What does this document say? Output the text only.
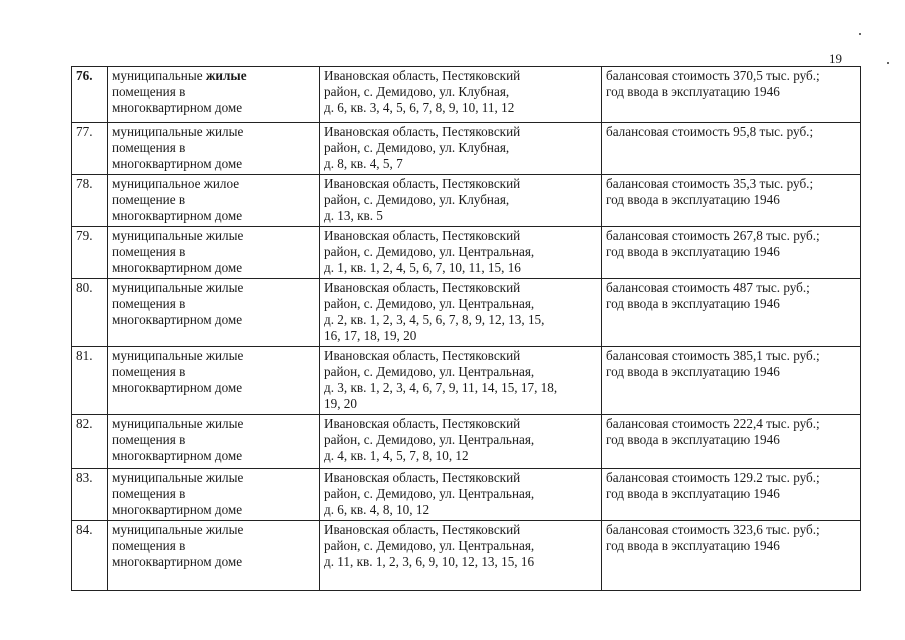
19
76.	муниципальные жилые
помещения в
многоквартирном доме	Ивановская область, Пестяковский
район, с. Демидово, ул. Клубная,
д. 6, кв. 3, 4, 5, 6, 7, 8, 9, 10, 11, 12	балансовая стоимость 370,5 тыс. руб.;
год ввода в эксплуатацию 1946
77.	муниципальные жилые
помещения в
многоквартирном доме	Ивановская область, Пестяковский
район, с. Демидово, ул. Клубная,
д. 8, кв. 4, 5, 7	балансовая стоимость 95,8 тыс. руб.;
78.	муниципальное жилое
помещение в
многоквартирном доме	Ивановская область, Пестяковский
район, с. Демидово, ул. Клубная,
д. 13, кв. 5	балансовая стоимость 35,3 тыс. руб.;
год ввода в эксплуатацию 1946
79.	муниципальные жилые
помещения в
многоквартирном доме	Ивановская область, Пестяковский
район, с. Демидово, ул. Центральная,
д. 1, кв. 1, 2, 4, 5, 6, 7, 10, 11, 15, 16	балансовая стоимость 267,8 тыс. руб.;
год ввода в эксплуатацию 1946
80.	муниципальные жилые
помещения в
многоквартирном доме	Ивановская область, Пестяковский
район, с. Демидово, ул. Центральная,
д. 2, кв. 1, 2, 3, 4, 5, 6, 7, 8, 9, 12, 13, 15,
16, 17, 18, 19, 20	балансовая стоимость 487 тыс. руб.;
год ввода в эксплуатацию 1946
81.	муниципальные жилые
помещения в
многоквартирном доме	Ивановская область, Пестяковский
район, с. Демидово, ул. Центральная,
д. 3, кв. 1, 2, 3, 4, 6, 7, 9, 11, 14, 15, 17, 18,
19, 20	балансовая стоимость 385,1 тыс. руб.;
год ввода в эксплуатацию 1946
82.	муниципальные жилые
помещения в
многоквартирном доме	Ивановская область, Пестяковский
район, с. Демидово, ул. Центральная,
д. 4, кв. 1, 4, 5, 7, 8, 10, 12	балансовая стоимость 222,4 тыс. руб.;
год ввода в эксплуатацию 1946
83.	муниципальные жилые
помещения в
многоквартирном доме	Ивановская область, Пестяковский
район, с. Демидово, ул. Центральная,
д. 6, кв. 4, 8, 10, 12	балансовая стоимость 129.2 тыс. руб.;
год ввода в эксплуатацию 1946
84.	муниципальные жилые
помещения в
многоквартирном доме	Ивановская область, Пестяковский
район, с. Демидово, ул. Центральная,
д. 11, кв. 1, 2, 3, 6, 9, 10, 12, 13, 15, 16	балансовая стоимость 323,6 тыс. руб.;
год ввода в эксплуатацию 1946
